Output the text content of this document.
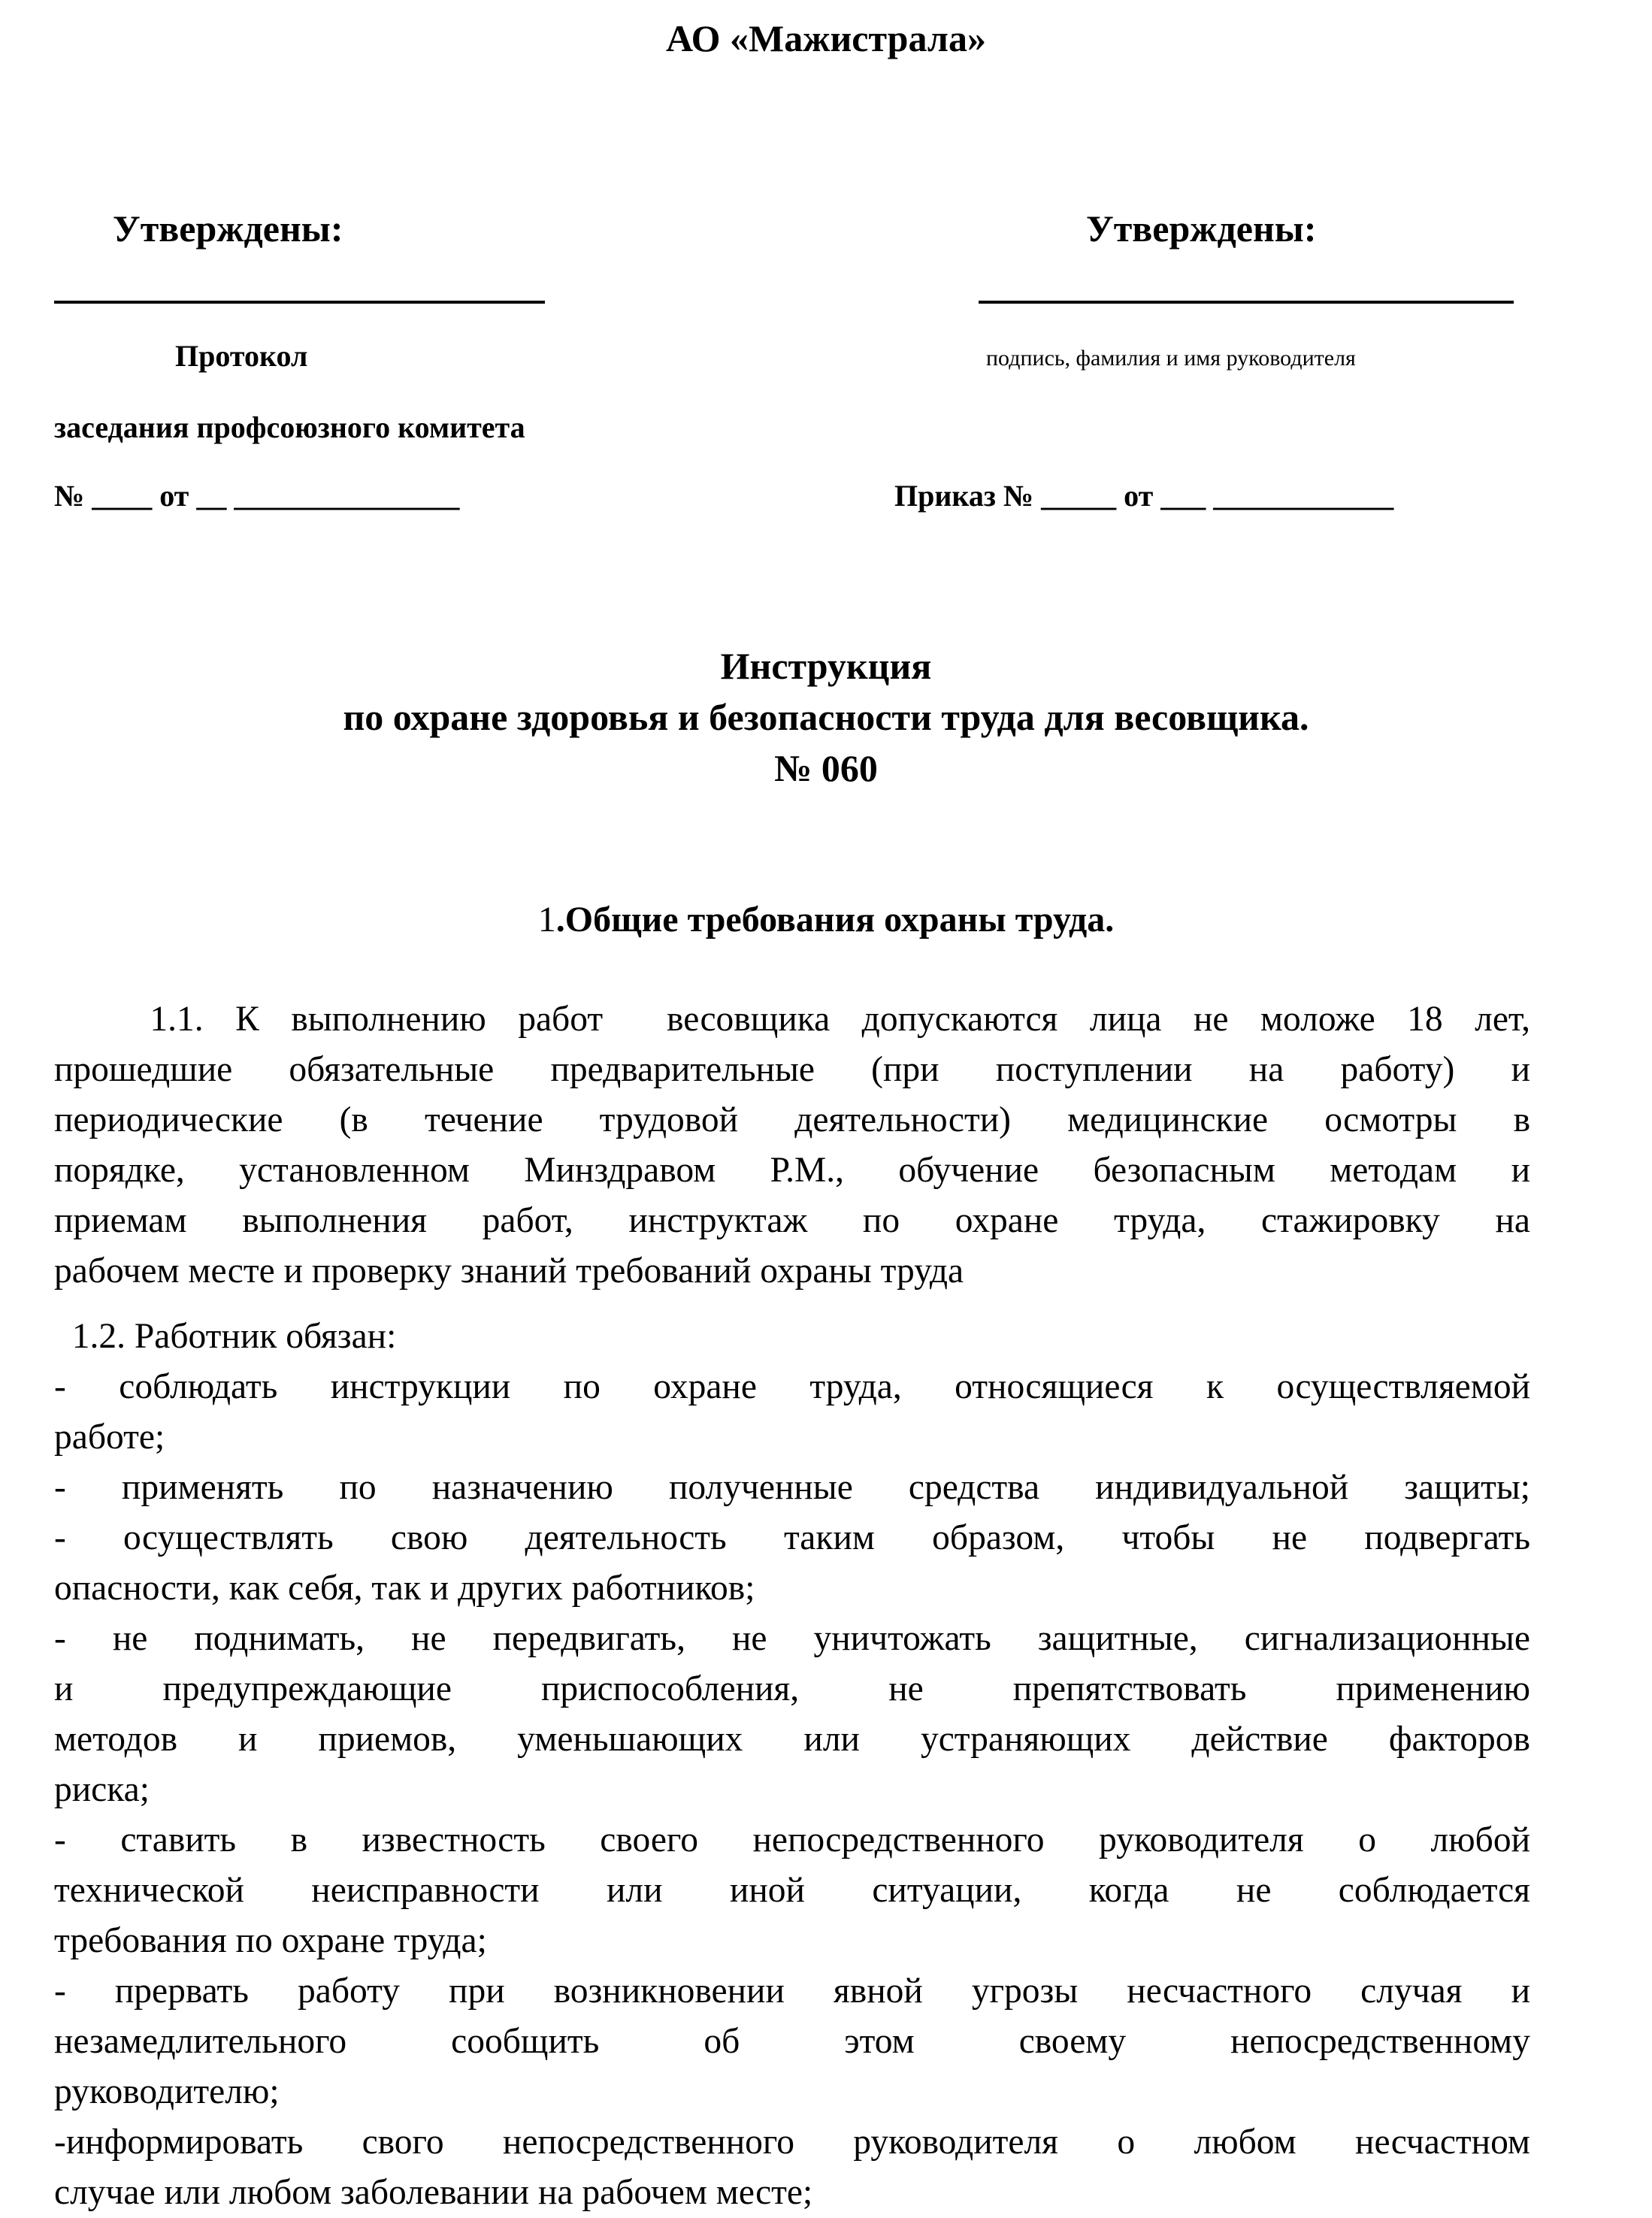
АО «Мажистрала»
Утверждены:	Утверждены:
Протокол	подпись, фамилия и имя руководителя
заседания профсоюзного комитета
№ ____ от __ _______________	Приказ № _____ от ___ ____________
Инструкция
по охране здоровья и безопасности труда для весовщика.
№ 060
1.Общие требования охраны труда.

1.1. К выполнению работ  весовщика допускаются лица не моложе 18 лет,

прошедшие обязательные предварительные (при поступлении на работу) и

периодические (в течение трудовой деятельности) медицинские осмотры в

порядке, установленном Минздравом Р.М., обучение безопасным методам и

приемам выполнения работ, инструктаж по охране труда, стажировку на

рабочем месте и проверку знаний требований охраны труда

1.2. Работник обязан:

- соблюдать инструкции по охране труда, относящиеся к осуществляемой

работе;

- применять по назначению полученные средства индивидуальной защиты;

- осуществлять свою деятельность таким образом, чтобы не подвергать

опасности, как себя, так и других работников;

- не поднимать, не передвигать, не уничтожать защитные, сигнализационные

и предупреждающие приспособления, не препятствовать применению

методов и приемов, уменьшающих или устраняющих действие факторов

риска;

- ставить в известность своего непосредственного руководителя о любой

технической неисправности или иной ситуации, когда не соблюдается

требования по охране труда;

- прервать работу при возникновении явной угрозы несчастного случая и

незамедлительного сообщить об этом своему непосредственному

руководителю;

-информировать свого непосредственного руководителя о любом несчастном

случае или любом заболевании на рабочем месте;
